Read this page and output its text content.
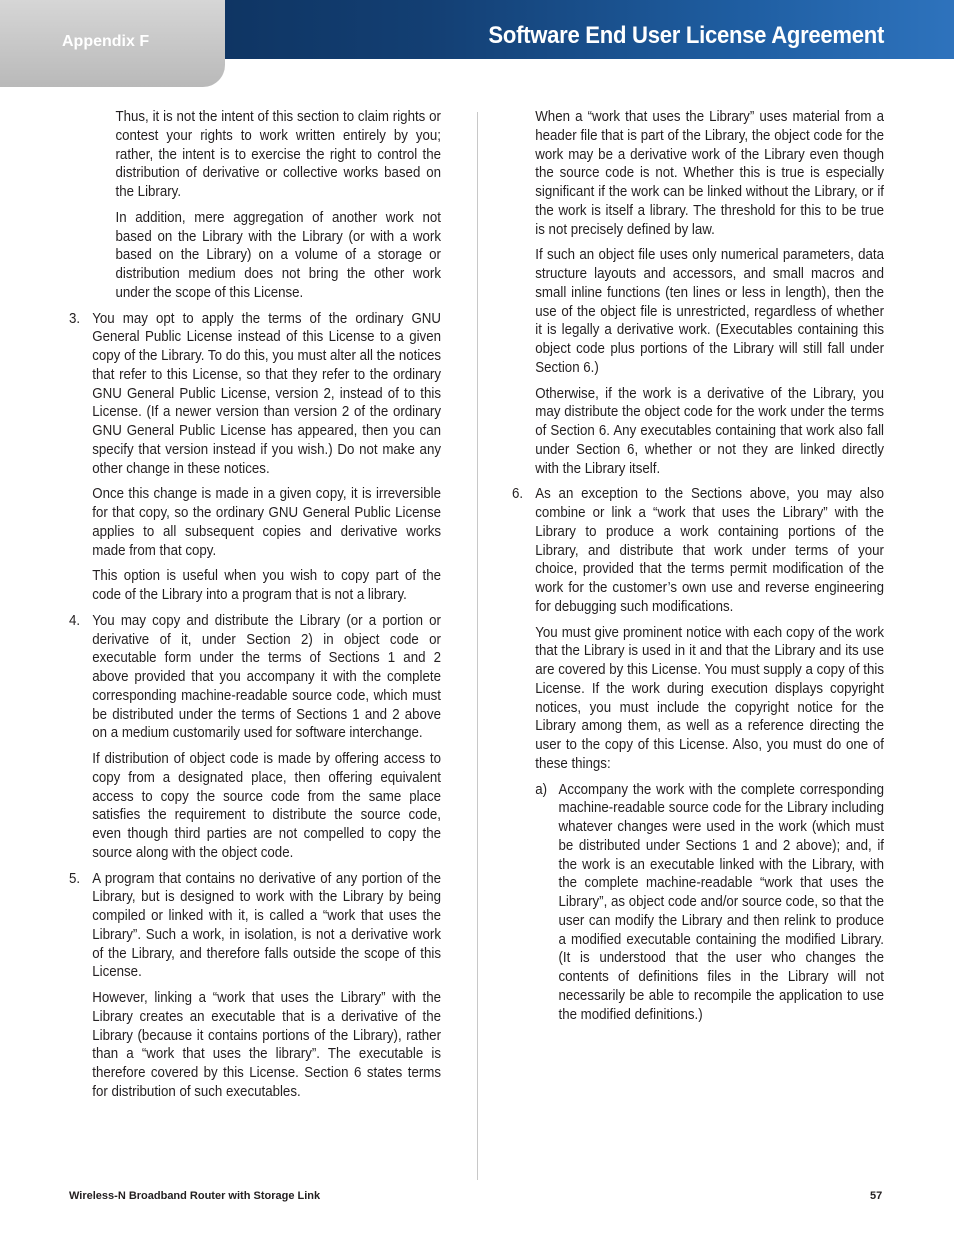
Appendix F	Software End User License Agreement

Thus, it is not the intent of this section to claim rights or contest your rights to work written entirely by you; rather, the intent is to exercise the right to control the distribution of derivative or collective works based on the Library.

In addition, mere aggregation of another work not based on the Library with the Library (or with a work based on the Library) on a volume of a storage or distribution medium does not bring the other work under the scope of this License.

3. You may opt to apply the terms of the ordinary GNU General Public License instead of this License to a given copy of the Library. To do this, you must alter all the notices that refer to this License, so that they refer to the ordinary GNU General Public License, version 2, instead of to this License. (If a newer version than version 2 of the ordinary GNU General Public License has appeared, then you can specify that version instead if you wish.) Do not make any other change in these notices.

Once this change is made in a given copy, it is irreversible for that copy, so the ordinary GNU General Public License applies to all subsequent copies and derivative works made from that copy.

This option is useful when you wish to copy part of the code of the Library into a program that is not a library.

4. You may copy and distribute the Library (or a portion or derivative of it, under Section 2) in object code or executable form under the terms of Sections 1 and 2 above provided that you accompany it with the complete corresponding machine-readable source code, which must be distributed under the terms of Sections 1 and 2 above on a medium customarily used for software interchange.

If distribution of object code is made by offering access to copy from a designated place, then offering equivalent access to copy the source code from the same place satisfies the requirement to distribute the source code, even though third parties are not compelled to copy the source along with the object code.

5. A program that contains no derivative of any portion of the Library, but is designed to work with the Library by being compiled or linked with it, is called a “work that uses the Library”. Such a work, in isolation, is not a derivative work of the Library, and therefore falls outside the scope of this License.

However, linking a “work that uses the Library” with the Library creates an executable that is a derivative of the Library (because it contains portions of the Library), rather than a “work that uses the library”. The executable is therefore covered by this License. Section 6 states terms for distribution of such executables.

When a “work that uses the Library” uses material from a header file that is part of the Library, the object code for the work may be a derivative work of the Library even though the source code is not. Whether this is true is especially significant if the work can be linked without the Library, or if the work is itself a library. The threshold for this to be true is not precisely defined by law.

If such an object file uses only numerical parameters, data structure layouts and accessors, and small macros and small inline functions (ten lines or less in length), then the use of the object file is unrestricted, regardless of whether it is legally a derivative work. (Executables containing this object code plus portions of the Library will still fall under Section 6.)

Otherwise, if the work is a derivative of the Library, you may distribute the object code for the work under the terms of Section 6. Any executables containing that work also fall under Section 6, whether or not they are linked directly with the Library itself.

6. As an exception to the Sections above, you may also combine or link a “work that uses the Library” with the Library to produce a work containing portions of the Library, and distribute that work under terms of your choice, provided that the terms permit modification of the work for the customer’s own use and reverse engineering for debugging such modifications.

You must give prominent notice with each copy of the work that the Library is used in it and that the Library and its use are covered by this License. You must supply a copy of this License. If the work during execution displays copyright notices, you must include the copyright notice for the Library among them, as well as a reference directing the user to the copy of this License. Also, you must do one of these things:

a) Accompany the work with the complete corresponding machine-readable source code for the Library including whatever changes were used in the work (which must be distributed under Sections 1 and 2 above); and, if the work is an executable linked with the Library, with the complete machine-readable “work that uses the Library”, as object code and/or source code, so that the user can modify the Library and then relink to produce a modified executable containing the modified Library. (It is understood that the user who changes the contents of definitions files in the Library will not necessarily be able to recompile the application to use the modified definitions.)
Wireless-N Broadband Router with Storage Link	57
